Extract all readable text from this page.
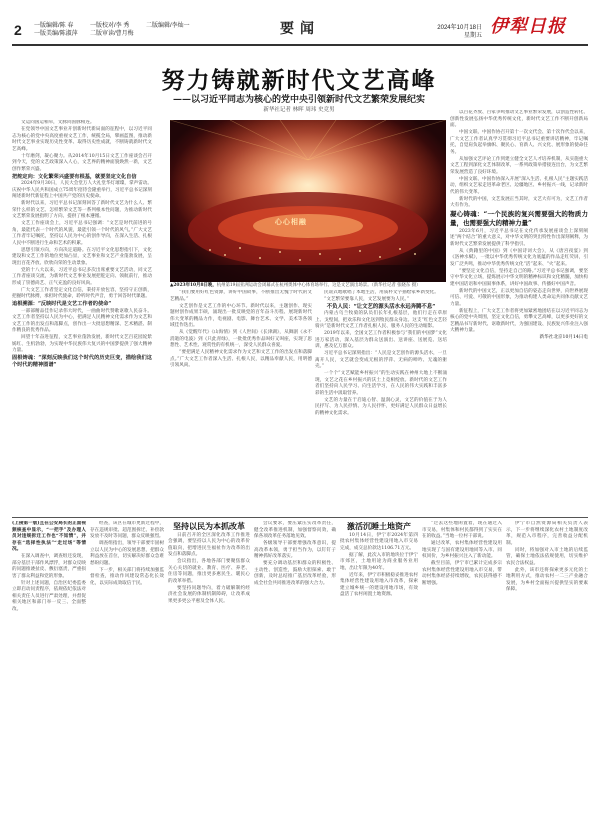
2 一版编辑/陈 春	一版校对/李 秀	二版编辑/李灿一一版美编/陈淑萍 二版审读/曹月梅	要闻	2024年10月18日
星期五 伊犁日报
努力铸就新时代文艺高峰
——以习近平同志为核心的党中央引领新时代文艺繁荣发展纪实
新华社记者 林晖 周玮 史竞男

文运同国运相牵，文脉同国脉相连。

在党领导中国文艺事业开创新时代新局面的征程中，以习近平同志为核心的党中央高度重视文艺工作，统揽全局，擘画蓝图，推动新时代文艺事业实现历史性变革、取得历史性成就，不断铸就新时代文艺高峰。

十年磨剑，凝心聚力。从2014年10月15日文艺工作座谈会召开到今天，党的文艺政策深入人心，文艺界的精神面貌焕然一新，文艺创作繁荣兴盛。

把舵定向：文化繁荣兴盛要有根基，就要坚定文化自信

2024年9月30日，人民大会堂万人大礼堂华灯璀璨，掌声雷动。庆祝中华人民共和国成立75周年招待会隆重举行，习近平总书记深刻阐述新时代新征程上中国共产党的历史使命。

新时代以来，习近平总书记深刻回答了新时代文艺为什么人、繁荣什么样的文艺、怎样繁荣文艺等一系列根本性问题，为推动新时代文艺繁荣发展指明了方向、提供了根本遵循。

文艺工作座谈会上，习近平总书记强调：“文艺是时代前进的号角，最能代表一个时代的风貌，最能引领一个时代的风气。”广大文艺工作者牢记嘱托，坚持以人民为中心的创作导向，在深入生活、扎根人民中不断进行生命和艺术的积累。

思想引领方向，方向决定道路。在习近平文化思想指引下，文化建设和文艺工作的地位更加凸显，文艺事业和文艺产业蓬勃发展，呈现出百花齐放、欣欣向荣的生动景象。

党的十八大以来，习近平总书记多次出席重要文艺活动，同文艺工作者座谈交流，为新时代文艺事业发展把舵定向、领航前行，推动形成了崇德尚艺、正气充盈的良好风尚。

广大文艺工作者坚定文化自信，秉持开放包容，坚持守正创新，把握时代脉搏，承担时代使命，聆听时代声音，勇于回答时代课题。

追根溯源：“反映时代是文艺工作者的使命”

一部部精品佳作记录伟大时代，一曲曲时代赞歌讴歌人民奋斗。文艺工作者坚持以人民为中心，把满足人民精神文化需求作为文艺和文艺工作的出发点和落脚点，创作出一大批思想精深、艺术精湛、制作精良的优秀作品。

回望十年奋进征程，文艺事业蓬勃发展，新时代文艺百花园姹紫嫣红、生机勃勃，为实现中华民族伟大复兴的中国梦提供了强大精神力量。

固根铸魂：“深刻反映我们这个时代的历史巨变，描绘我们这个时代的精神图谱”

心心相融
▲2023年10月8日晚，杭州第19届亚洲运动会闭幕式在杭州奥体中心体育场举行。这是文艺演出场景。（新华社记者 张晓东 摄）

“我们要用好红色资源，讲好中国故事，不断推出无愧于时代的文艺精品。”

文艺创作是文艺工作的中心环节。新时代以来，主题创作、现实题材创作成果丰硕，涌现出一批反映党的百年奋斗历程、展现新时代伟大变革的精品力作，电视剧、电影、舞台艺术、文学、美术等各领域佳作迭出。

从《觉醒年代》《山海情》到《人世间》《长津湖》，从舞剧《永不消逝的电波》到《只此青绿》，一批批优秀作品叫好又叫座，实现了思想性、艺术性、观赏性的有机统一，深受人民群众喜爱。

“要把满足人民精神文化需求作为文艺和文艺工作的出发点和落脚点。”广大文艺工作者深入生活、扎根人民，以精品奉献人民，用明德引领风尚。

民谣式地歌唱了本地生活，用质朴文字描绘家乡新变化。

“文艺繁荣要靠人民，文艺发展要为人民。”

不负人民：“让文艺的源头活水永远奔腾不息”

内蒙古乌兰牧骑的队员们长年扎根基层，他们行走在草原上、戈壁间，把欢乐和文化送到牧民群众身边。这支“红色文艺轻骑兵”是新时代文艺工作者扎根人民、服务人民的生动缩影。

2019年以来，全国文艺工作者积极参与“我们的中国梦”文化进万家活动，深入基层为群众送演出、送讲座、送展览、送培训，惠及亿万群众。

习近平总书记深刻指出：“人民是文艺创作的源头活水，一旦离开人民，文艺就会变成无根的浮萍、无病的呻吟、无魂的躯壳。”

一个个“文艺赋能乡村振兴”的生动实践在神州大地上不断涌现，文艺之花在乡村振兴的沃土上竞相绽放。新时代的文艺工作者们坚持向人民学习、向生活学习，在人民的伟大实践和丰富多彩的生活中汲取营养。

文艺的力量在于启迪心智、温润心灵，文艺的价值在于为人民抒写、为人民抒情、为人民抒怀，更好满足人民群众日益增长的精神文化需求。

以百花齐放、百家争鸣推动文艺事业繁荣发展，以创造性转化、创新性发展弘扬中华优秀传统文化，新时代文艺工作不断开创新局面。

中国文联、中国作协召开第十一次文代会、第十次作代会以来，广大文艺工作者认真学习贯彻习近平总书记重要讲话精神，牢记嘱托，自觉肩负起举旗帜、聚民心、育新人、兴文化、展形象的使命任务。

从加强文艺评论工作到建立健全文艺人才培养机制，从实施重大文艺工程到深化文艺体制改革，一系列政策举措接连出台，为文艺繁荣发展营造了良好环境。

中国文联、中国作协深入开展“深入生活、扎根人民”主题实践活动，组织文艺家走进革命老区、边疆地区、乡村振兴一线，记录新时代的伟大变革。

新时代的中国，文艺发展正当其时，文艺大有可为，文艺工作者大有作为。

凝心铸魂：“一个民族的复兴需要强大的物质力量，也需要强大的精神力量”

2023年6月，习近平总书记在文化传承发展座谈会上深刻阐述“两个结合”的重大意义，对中华文明的突出特性作出深刻阐释，为新时代文艺繁荣发展提供了科学指引。

从《典籍里的中国》到《中国诗词大会》，从《唐宫夜宴》到《洛神水赋》，一批以中华优秀传统文化为底蕴的作品走红荧屏，引发广泛共鸣，推动中华优秀传统文化“活”起来、“火”起来。

“要坚定文化自信，坚持走自己的路。”习近平总书记强调，要坚守中华文化立场，提炼展示中华文明的精神标识和文化精髓，加快构建中国话语和中国叙事体系，讲好中国故事、传播好中国声音。

新时代的中国文艺，正以更加自信的姿态走向世界，向世界展现可信、可爱、可敬的中国形象，为推动构建人类命运共同体贡献文艺力量。

新征程上，广大文艺工作者将更加紧密地团结在以习近平同志为核心的党中央周围，坚定文化自信，勇攀文艺高峰，以更多更好的文艺精品书写新时代、讴歌新时代，为强国建设、民族复兴伟业注入强大精神力量。

新华社北京10月14日电

(上接第一版)且在公安局长的正面视频核查中显示，“一把手”及办理人员对违规拆迁工作也“不知情”，并存在“选择性执法”“走过场”等情况。

在深入调查中，调查组还发现，部分基层干部作风漂浮，对群众反映的问题推诿扯皮、敷衍塞责，严重损害了群众利益和党的形象。

针对上述问题，自治区纪委监委立即启动问责程序，依规依纪依法对相关责任人员进行严肃处理，并督促相关地区和部门举一反三、全面整改。

经查，该区在城市更新过程中，存在违规审批、超范围拆迁、补偿款发放不及时等问题，群众反映强烈。

调查组指出，领导干部要牢固树立以人民为中心的发展思想，把群众利益放在首位，切实解决好群众急难愁盼问题。

下一步，相关部门将持续加强监督检查，推动作风建设常态化长效化，以实际成效取信于民。

坚持以民为本抓改革

日前召开的全区深化改革工作推进会强调，要坚持以人民为中心的改革价值取向，把增进民生福祉作为改革的出发点和落脚点。

会议指出，各地各部门要聚焦群众关心关切的就业、教育、医疗、养老、住房等问题，推出更多惠民生、暖民心的改革举措。

要坚持问题导向，着力破解制约经济社会发展的体制机制障碍，让改革成果更多更公平惠及全体人民。

会议要求，要压紧压实改革责任，健全改革推进机制，加强督察问效，确保各项改革任务落地见效。

各级领导干部要增强改革意识，提高改革本领，勇于担当作为，以钉钉子精神抓好改革落实。

要充分调动基层和群众的积极性、主动性、创造性，鼓励大胆探索、敢于创新，及时总结推广基层改革经验，形成全社会共同推进改革的强大合力。

激活沉睡土地资产

10月14日，伊宁市2024年第四批农村集体经营性建设用地入市交易完成，成交总价款达1106.71万元。

据了解，此次入市的地块位于伊宁市郊区，土地用途为商业服务业用地，出让年限为40年。

近年来，伊宁市积极稳妥推进农村集体经营性建设用地入市改革，探索建立城乡统一的建设用地市场，有效盘活了农村闲置土地资源。

“过去这些地闲置着，现在通过入市交易，村集体和村民都得到了实实在在的收益。”当地一位村干部说。

通过改革，农村集体经营性建设用地实现了与国有建设用地同等入市、同权同价，为乡村振兴注入了新动能。

截至目前，伊宁市已累计完成多宗农村集体经营性建设用地入市交易，带动村集体经济持续增收，农民获得感不断增强。

伊宁市自然资源局相关负责人表示，下一步将继续深化农村土地制度改革，规范入市程序，完善收益分配机制。

同时，将加强对入市土地的后续监管，确保土地依法依规使用，切实维护农民合法权益。

此外，该市还将探索更多元化的土地利用方式，推动农村一二三产业融合发展，为乡村全面振兴提供坚实的要素保障。
